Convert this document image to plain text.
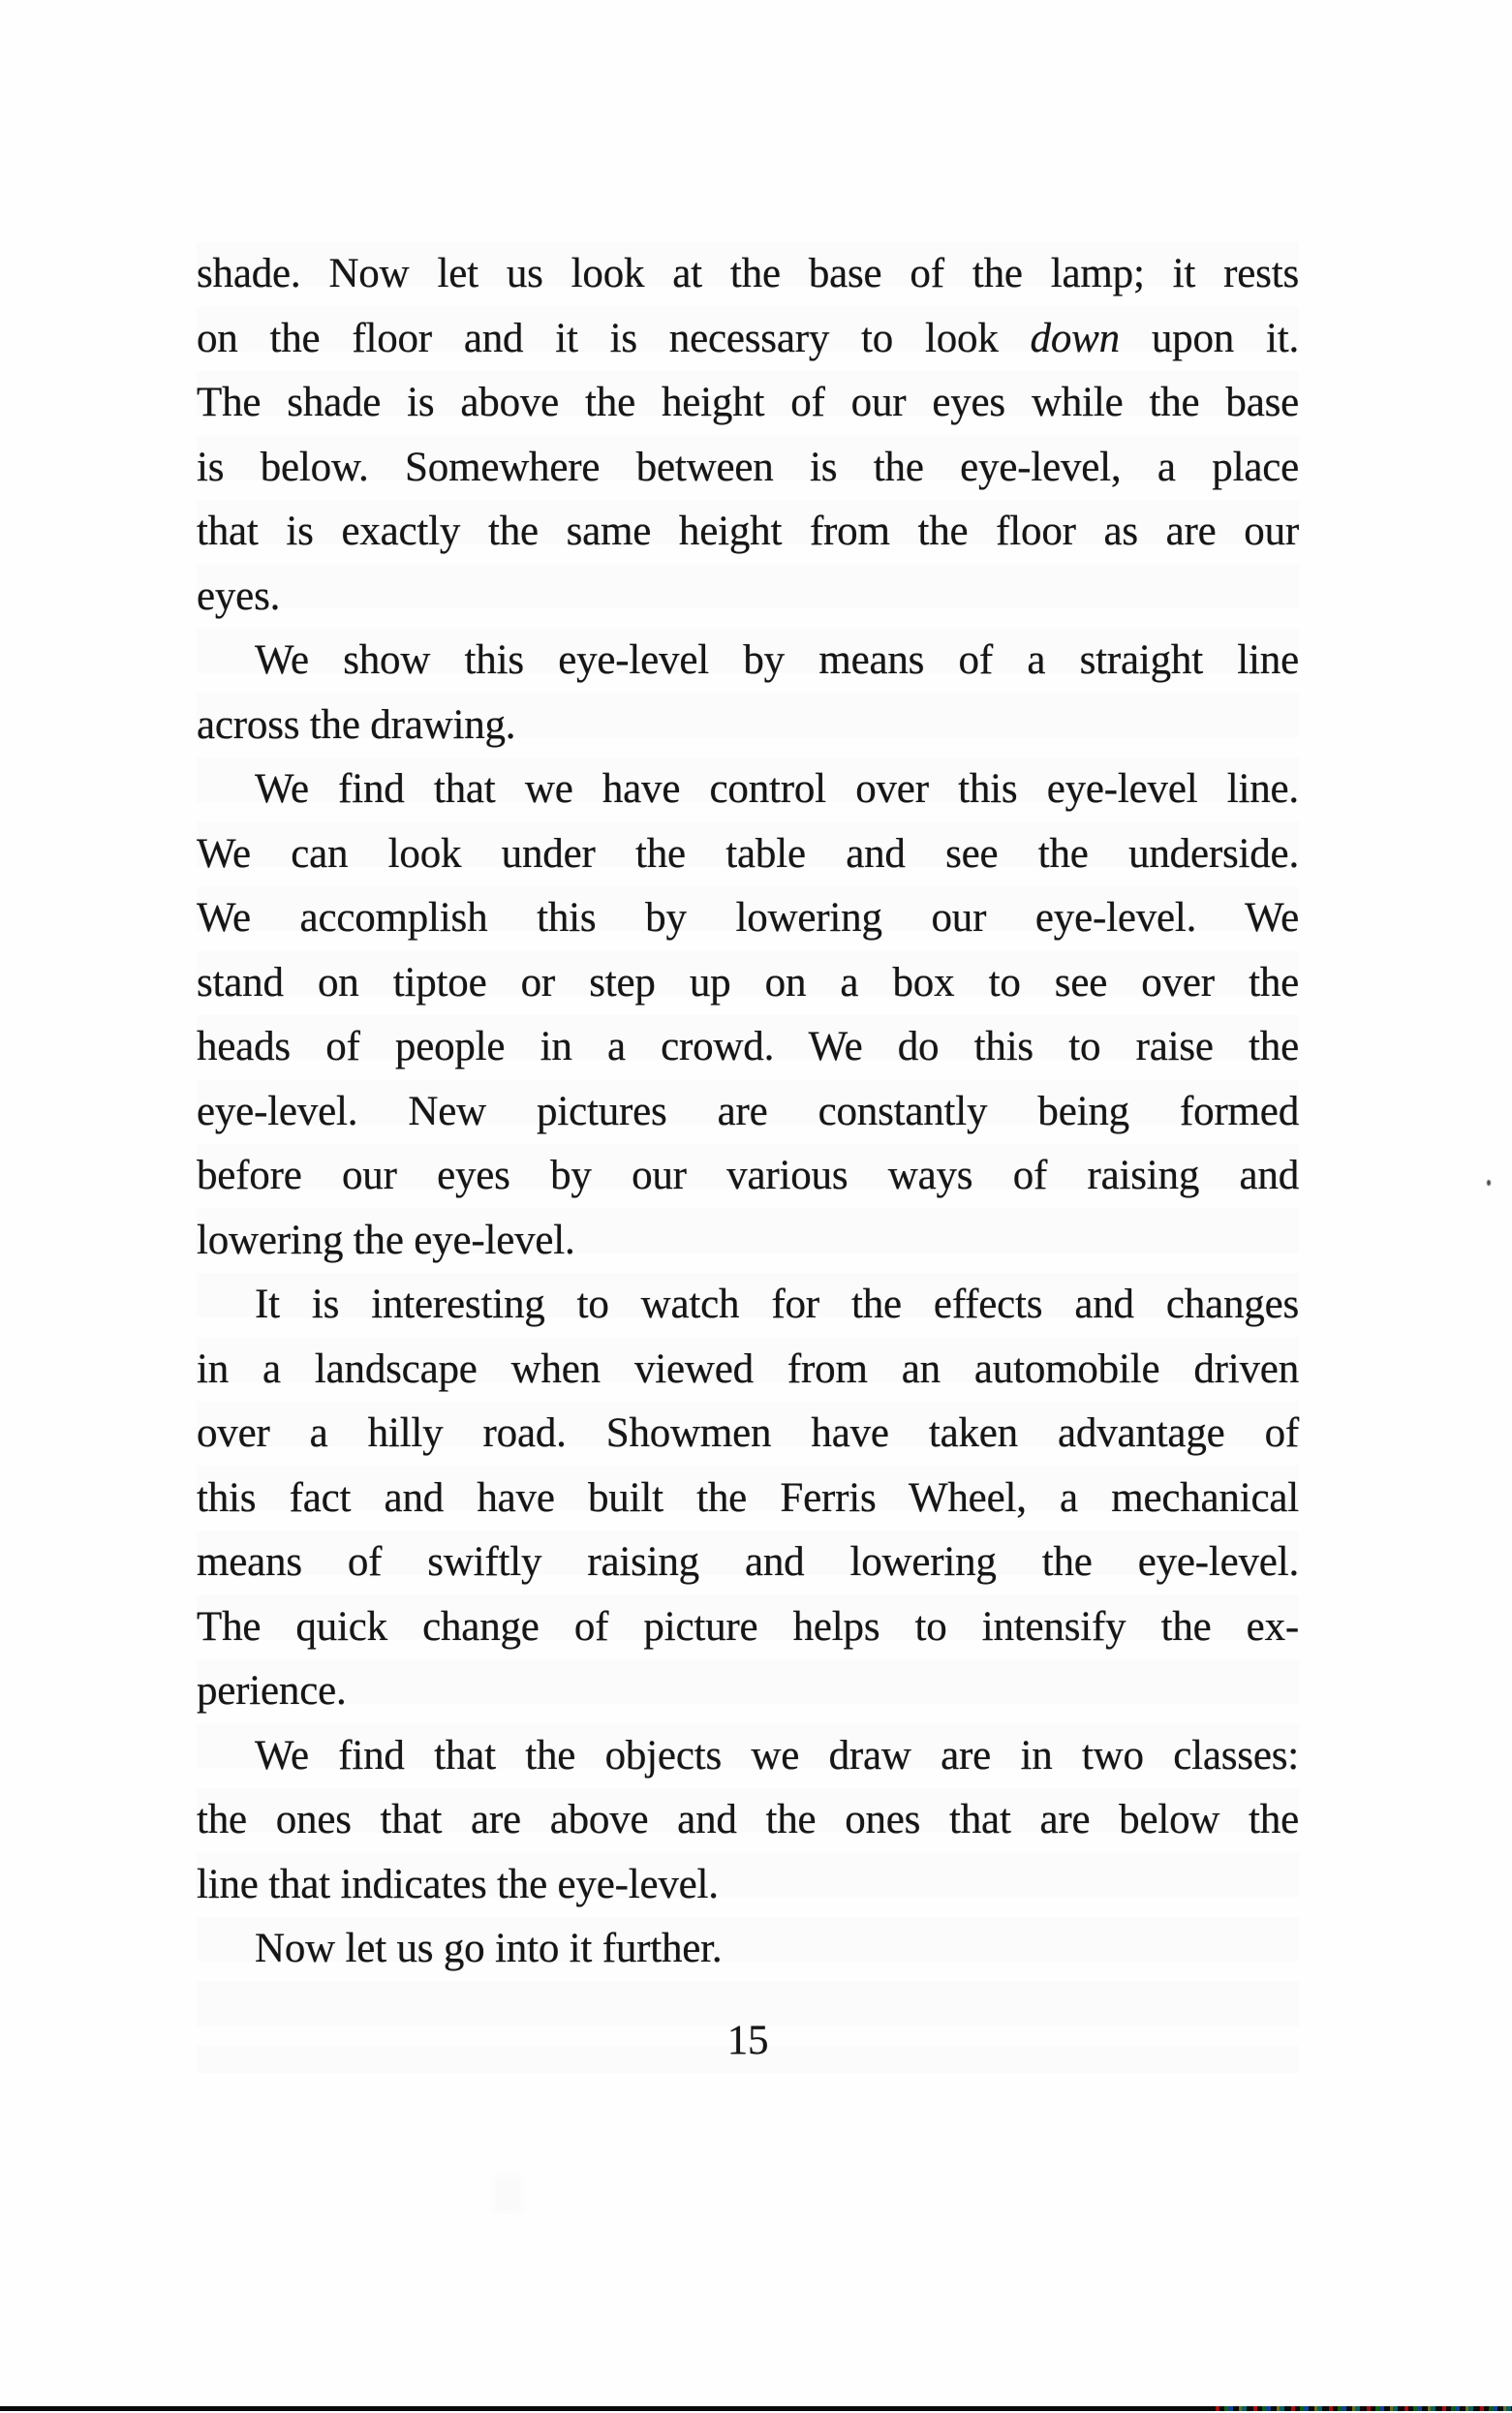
shade. Now let us look at the base of the lamp; it rests
on the floor and it is necessary to look down upon it.
The shade is above the height of our eyes while the base
is below. Somewhere between is the eye-level, a place
that is exactly the same height from the floor as are our
eyes.
We show this eye-level by means of a straight line
across the drawing.
We find that we have control over this eye-level line.
We can look under the table and see the underside.
We accomplish this by lowering our eye-level. We
stand on tiptoe or step up on a box to see over the
heads of people in a crowd. We do this to raise the
eye-level. New pictures are constantly being formed
before our eyes by our various ways of raising and
lowering the eye-level.
It is interesting to watch for the effects and changes
in a landscape when viewed from an automobile driven
over a hilly road. Showmen have taken advantage of
this fact and have built the Ferris Wheel, a mechanical
means of swiftly raising and lowering the eye-level.
The quick change of picture helps to intensify the ex-
perience.
We find that the objects we draw are in two classes:
the ones that are above and the ones that are below the
line that indicates the eye-level.
Now let us go into it further.
15
